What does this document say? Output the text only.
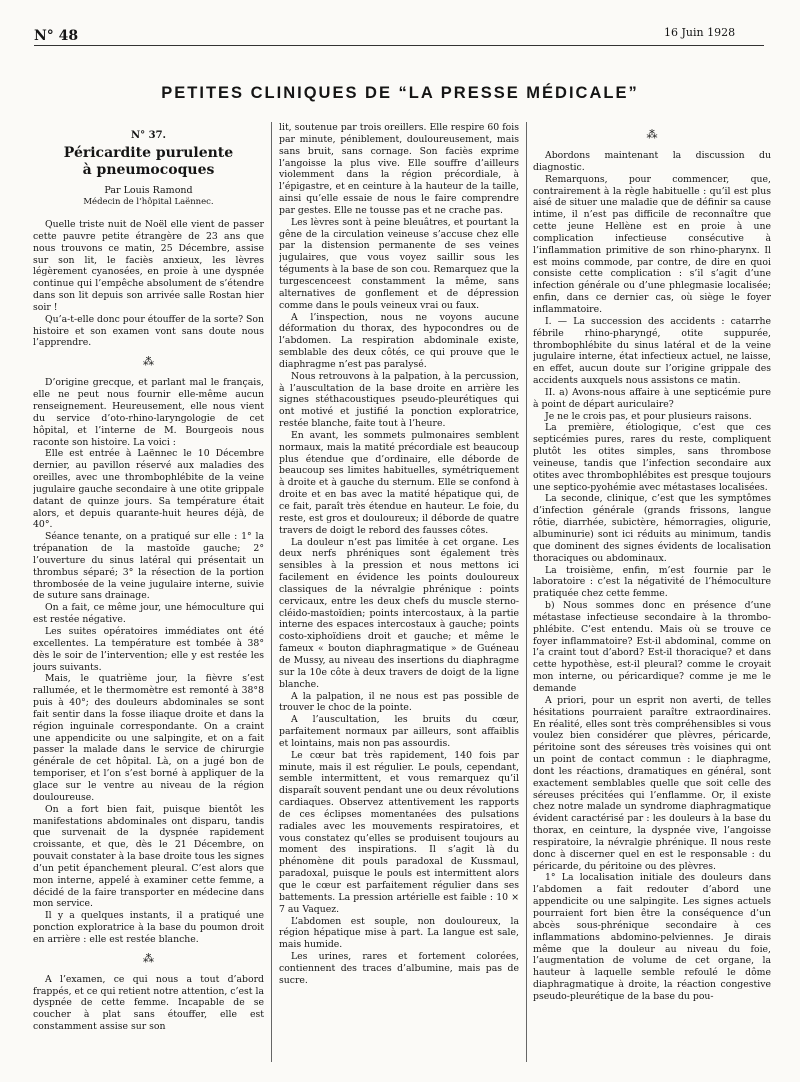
N° 48	16 Juin 1928
PETITES CLINIQUES DE “LA PRESSE MÉDICALE”
N° 37.
Péricardite purulente
à pneumocoques
Par Louis Ramond
Médecin de l’hôpital Laënnec.

Quelle triste nuit de Noël elle vient de passer cette pauvre petite étrangère de 23 ans que nous trouvons ce matin, 25 Décembre, assise sur son lit, le faciès anxieux, les lèvres légèrement cyanosées, en proie à une dyspnée continue qui l’empêche absolument de s’étendre dans son lit depuis son arrivée salle Rostan hier soir !

Qu’a-t-elle donc pour étouffer de la sorte? Son histoire et son examen vont sans doute nous l’apprendre.

⁂

D’origine grecque, et parlant mal le français, elle ne peut nous fournir elle-même aucun renseignement. Heureusement, elle nous vient du service d’oto-rhino-laryngologie de cet hôpital, et l’interne de M. Bourgeois nous raconte son histoire. La voici :

Elle est entrée à Laënnec le 10 Décembre dernier, au pavillon réservé aux maladies des oreilles, avec une thrombophlébite de la veine jugulaire gauche secondaire à une otite grippale datant de quinze jours. Sa température était alors, et depuis quarante-huit heures déjà, de 40°.

Séance tenante, on a pratiqué sur elle : 1° la trépanation de la mastoïde gauche; 2° l’ouverture du sinus latéral qui présentait un thrombus séparé; 3° la résection de la portion thrombosée de la veine jugulaire interne, suivie de suture sans drainage.

On a fait, ce même jour, une hémoculture qui est restée négative.

Les suites opératoires immédiates ont été excellentes. La température est tombée à 38° dès le soir de l’intervention; elle y est restée les jours suivants.

Mais, le quatrième jour, la fièvre s’est rallumée, et le thermomètre est remonté à 38°8 puis à 40°; des douleurs abdominales se sont fait sentir dans la fosse iliaque droite et dans la région inguinale correspondante. On a craint une appendicite ou une salpingite, et on a fait passer la malade dans le service de chirurgie générale de cet hôpital. Là, on a jugé bon de temporiser, et l’on s’est borné à appliquer de la glace sur le ventre au niveau de la région douloureuse.

On a fort bien fait, puisque bientôt les manifestations abdominales ont disparu, tandis que survenait de la dyspnée rapidement croissante, et que, dès le 21 Décembre, on pouvait constater à la base droite tous les signes d’un petit épanchement pleural. C’est alors que mon interne, appelé à examiner cette femme, a décidé de la faire transporter en médecine dans mon service.

Il y a quelques instants, il a pratiqué une ponction exploratrice à la base du poumon droit en arrière : elle est restée blanche.

⁂

A l’examen, ce qui nous a tout d’abord frappés, et ce qui retient notre attention, c’est la dyspnée de cette femme. Incapable de se coucher à plat sans étouffer, elle est constamment assise sur son

lit, soutenue par trois oreillers. Elle respire 60 fois par minute, péniblement, douloureusement, mais sans bruit, sans cornage. Son faciès exprime l’angoisse la plus vive. Elle souffre d’ailleurs violemment dans la région précordiale, à l’épigastre, et en ceinture à la hauteur de la taille, ainsi qu’elle essaie de nous le faire comprendre par gestes. Elle ne tousse pas et ne crache pas.

Les lèvres sont à peine bleuâtres, et pourtant la gêne de la circulation veineuse s’accuse chez elle par la distension permanente de ses veines jugulaires, que vous voyez saillir sous les téguments à la base de son cou. Remarquez que la turgescenceest constamment la même, sans alternatives de gonflement et de dépression comme dans le pouls veineux vrai ou faux.

A l’inspection, nous ne voyons aucune déformation du thorax, des hypocondres ou de l’abdomen. La respiration abdominale existe, semblable des deux côtés, ce qui prouve que le diaphragme n’est pas paralysé.

Nous retrouvons à la palpation, à la percussion, à l’auscultation de la base droite en arrière les signes stéthacoustiques pseudo-pleurétiques qui ont motivé et justifié la ponction exploratrice, restée blanche, faite tout à l’heure.

En avant, les sommets pulmonaires semblent normaux, mais la matité précordiale est beaucoup plus étendue que d’ordinaire, elle déborde de beaucoup ses limites habituelles, symétriquement à droite et à gauche du sternum. Elle se confond à droite et en bas avec la matité hépatique qui, de ce fait, paraît très étendue en hauteur. Le foie, du reste, est gros et douloureux; il déborde de quatre travers de doigt le rebord des fausses côtes.

La douleur n’est pas limitée à cet organe. Les deux nerfs phréniques sont également très sensibles à la pression et nous mettons ici facilement en évidence les points douloureux classiques de la névralgie phrénique : points cervicaux, entre les deux chefs du muscle sterno-cléido-mastoïdien; points intercostaux, à la partie interne des espaces intercostaux à gauche; points costo-xiphoïdiens droit et gauche; et même le fameux « bouton diaphragmatique » de Guéneau de Mussy, au niveau des insertions du diaphragme sur la 10e côte à deux travers de doigt de la ligne blanche.

A la palpation, il ne nous est pas possible de trouver le choc de la pointe.

A l’auscultation, les bruits du cœur, parfaitement normaux par ailleurs, sont affaiblis et lointains, mais non pas assourdis.

Le cœur bat très rapidement, 140 fois par minute, mais il est régulier. Le pouls, cependant, semble intermittent, et vous remarquez qu’il disparaît souvent pendant une ou deux révolutions cardiaques. Observez attentivement les rapports de ces éclipses momentanées des pulsations radiales avec les mouvements respiratoires, et vous constatez qu’elles se produisent toujours au moment des inspirations. Il s’agit là du phénomène dit pouls paradoxal de Kussmaul, paradoxal, puisque le pouls est intermittent alors que le cœur est parfaitement régulier dans ses battements. La pression artérielle est faible : 10 × 7 au Vaquez.

L’abdomen est souple, non douloureux, la région hépatique mise à part. La langue est sale, mais humide.

Les urines, rares et fortement colorées, contiennent des traces d’albumine, mais pas de sucre.

⁂

Abordons maintenant la discussion du diagnostic.

Remarquons, pour commencer, que, contrairement à la règle habituelle : qu’il est plus aisé de situer une maladie que de définir sa cause intime, il n’est pas difficile de reconnaître que cette jeune Hellène est en proie à une complication infectieuse consécutive à l’inflammation primitive de son rhino-pharynx. Il est moins commode, par contre, de dire en quoi consiste cette complication : s’il s’agit d’une infection générale ou d’une phlegmasie localisée; enfin, dans ce dernier cas, où siège le foyer inflammatoire.

I. — La succession des accidents : catarrhe fébrile rhino-pharyngé, otite suppurée, thrombophlébite du sinus latéral et de la veine jugulaire interne, état infectieux actuel, ne laisse, en effet, aucun doute sur l’origine grippale des accidents auxquels nous assistons ce matin.

II. a) Avons-nous affaire à une septicémie pure à point de départ auriculaire?

Je ne le crois pas, et pour plusieurs raisons.

La première, étiologique, c’est que ces septicémies pures, rares du reste, compliquent plutôt les otites simples, sans thrombose veineuse, tandis que l’infection secondaire aux otites avec thrombophlébites est presque toujours une septico-pyohémie avec métastases localisées.

La seconde, clinique, c’est que les symptômes d’infection générale (grands frissons, langue rôtie, diarrhée, subictère, hémorragies, oligurie, albuminurie) sont ici réduits au minimum, tandis que dominent des signes évidents de localisation thoraciques ou abdominaux.

La troisième, enfin, m’est fournie par le laboratoire : c’est la négativité de l’hémoculture pratiquée chez cette femme.

b) Nous sommes donc en présence d’une métastase infectieuse secondaire à la thrombo-phlébite. C’est entendu. Mais où se trouve ce foyer inflammatoire? Est-il abdominal, comme on l’a craint tout d’abord? Est-il thoracique? et dans cette hypothèse, est-il pleural? comme le croyait mon interne, ou péricardique? comme je me le demande

A priori, pour un esprit non averti, de telles hésitations pourraient paraître extraordinaires. En réalité, elles sont très compréhensibles si vous voulez bien considérer que plèvres, péricarde, péritoine sont des séreuses très voisines qui ont un point de contact commun : le diaphragme, dont les réactions, dramatiques en général, sont exactement semblables quelle que soit celle des séreuses précitées qui l’enflamme. Or, il existe chez notre malade un syndrome diaphragmatique évident caractérisé par : les douleurs à la base du thorax, en ceinture, la dyspnée vive, l’angoisse respiratoire, la névralgie phrénique. Il nous reste donc à discerner quel en est le responsable : du péricarde, du péritoine ou des plèvres.

1° La localisation initiale des douleurs dans l’abdomen a fait redouter d’abord une appendicite ou une salpingite. Les signes actuels pourraient fort bien être la conséquence d’un abcès sous-phrénique secondaire à ces inflammations abdomino-pelviennes. Je dirais même que la douleur au niveau du foie, l’augmentation de volume de cet organe, la hauteur à laquelle semble refoulé le dôme diaphragmatique à droite, la réaction congestive pseudo-pleurétique de la base du pou-
